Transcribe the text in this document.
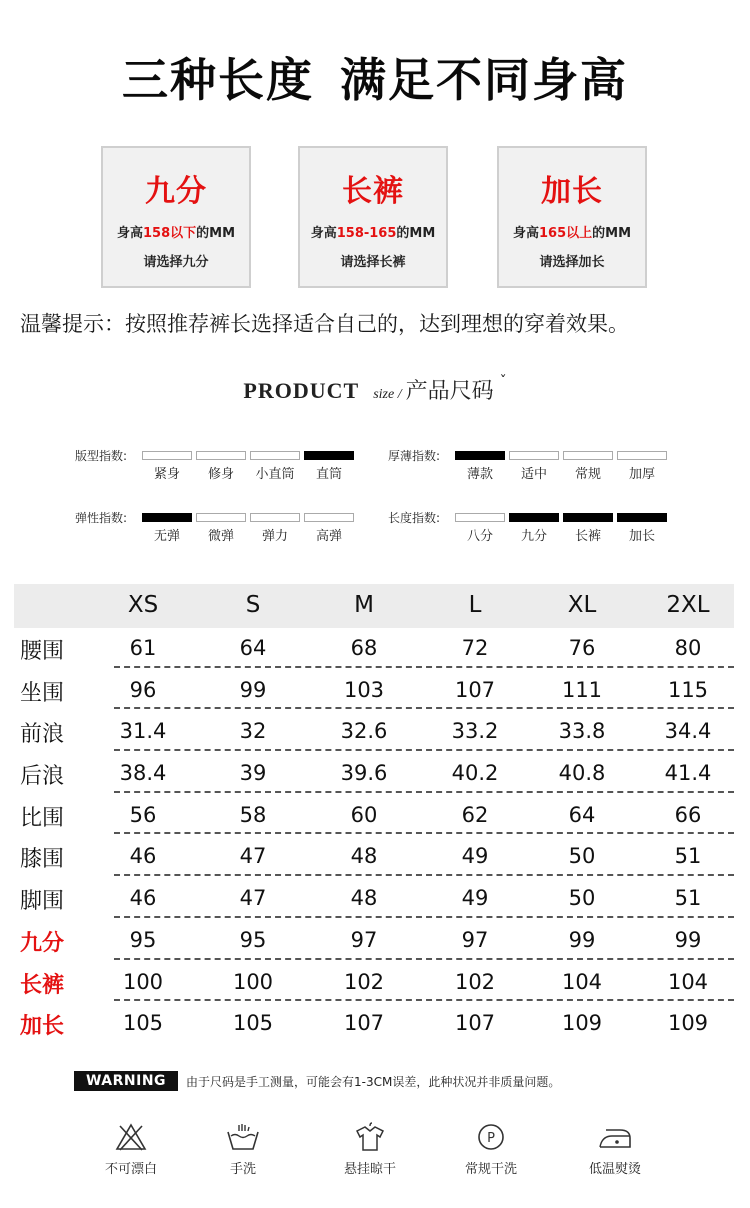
三种长度 满足不同身高
九分
身高158以下的MM
请选择九分
长裤
身高158-165的MM
请选择长裤
加长
身高165以上的MM
请选择加长
温馨提示：按照推荐裤长选择适合自己的，达到理想的穿着效果。
PRODUCT size / 产品尺码 ˇ
版型指数:
紧身	修身	小直筒	直筒
厚薄指数:
薄款	适中	常规	加厚
弹性指数:
无弹	微弹	弹力	高弹
长度指数:
八分	九分	长裤	加长
XS	S	M	L	XL	2XL
腰围	61	64	68	72	76	80
坐围	96	99	103	107	111	115
前浪	31.4	32	32.6	33.2	33.8	34.4
后浪	38.4	39	39.6	40.2	40.8	41.4
比围	56	58	60	62	64	66
膝围	46	47	48	49	50	51
脚围	46	47	48	49	50	51
九分	95	95	97	97	99	99
长裤	100	100	102	102	104	104
加长	105	105	107	107	109	109
WARNING	由于尺码是手工测量，可能会有1-3CM误差，此种状况并非质量问题。
不可漂白	手洗	悬挂晾干
P
常规干洗	低温熨烫
